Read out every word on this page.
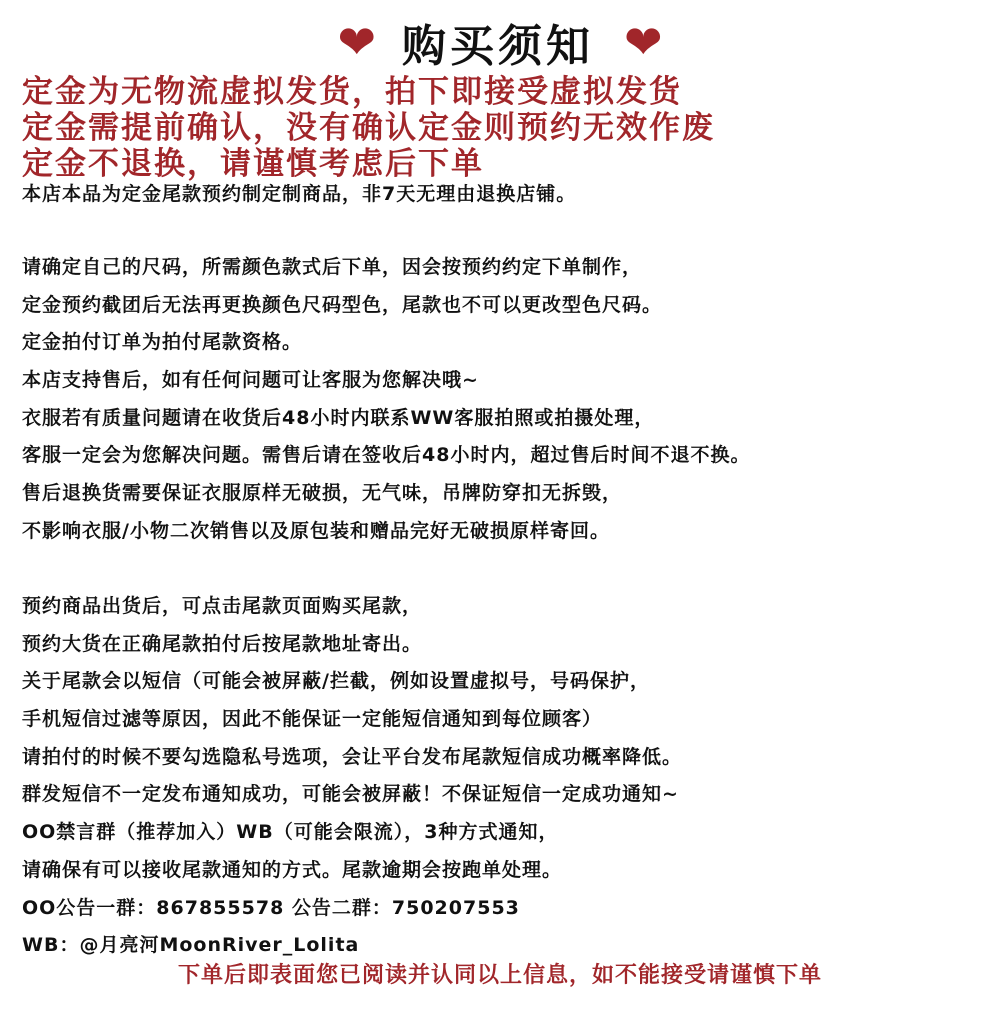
❤ 购买须知 ❤
定金为无物流虚拟发货，拍下即接受虚拟发货
定金需提前确认，没有确认定金则预约无效作废
定金不退换，请谨慎考虑后下单
本店本品为定金尾款预约制定制商品，非7天无理由退换店铺。
请确定自己的尺码，所需颜色款式后下单，因会按预约约定下单制作，
定金预约截团后无法再更换颜色尺码型色，尾款也不可以更改型色尺码。
定金拍付订单为拍付尾款资格。
本店支持售后，如有任何问题可让客服为您解决哦~
衣服若有质量问题请在收货后48小时内联系WW客服拍照或拍摄处理，
客服一定会为您解决问题。需售后请在签收后48小时内，超过售后时间不退不换。
售后退换货需要保证衣服原样无破损，无气味，吊牌防穿扣无拆毁，
不影响衣服/小物二次销售以及原包装和赠品完好无破损原样寄回。
预约商品出货后，可点击尾款页面购买尾款，
预约大货在正确尾款拍付后按尾款地址寄出。
关于尾款会以短信（可能会被屏蔽/拦截，例如设置虚拟号，号码保护，
手机短信过滤等原因，因此不能保证一定能短信通知到每位顾客）
请拍付的时候不要勾选隐私号选项，会让平台发布尾款短信成功概率降低。
群发短信不一定发布通知成功，可能会被屏蔽！不保证短信一定成功通知~
OO禁言群（推荐加入）WB（可能会限流），3种方式通知，
请确保有可以接收尾款通知的方式。尾款逾期会按跑单处理。
OO公告一群：867855578 公告二群：750207553
WB：@月亮河MoonRiver_Lolita
下单后即表面您已阅读并认同以上信息，如不能接受请谨慎下单
